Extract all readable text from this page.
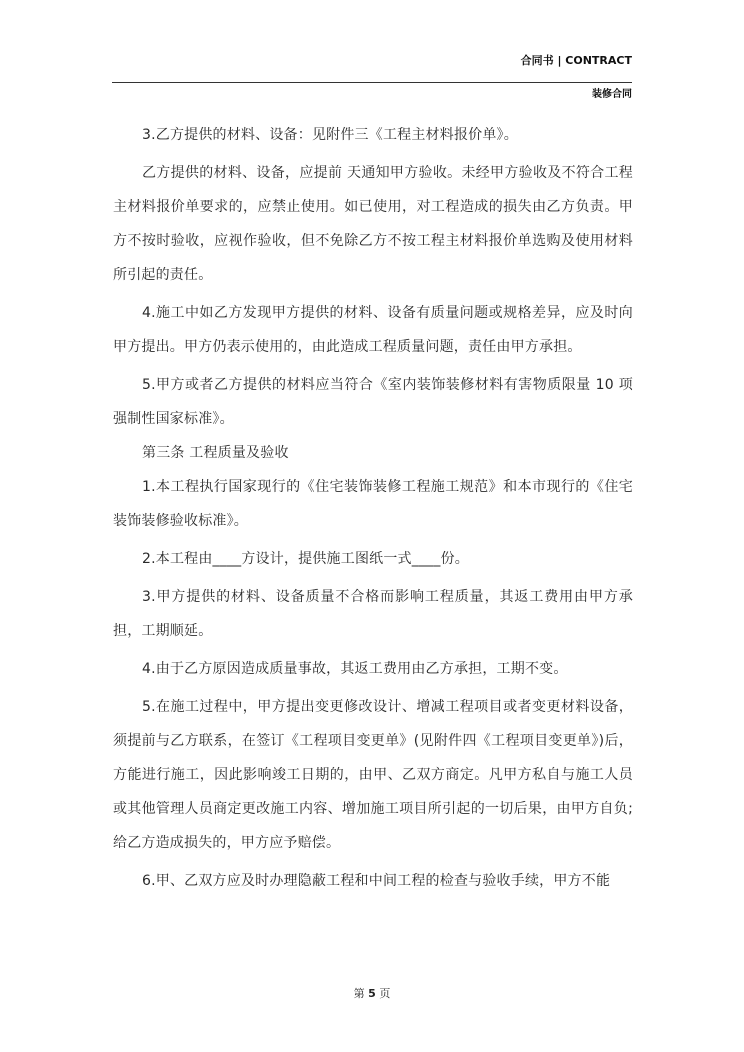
合同书 | CONTRACT
装修合同

3.乙方提供的材料、设备：见附件三《工程主材料报价单》。

乙方提供的材料、设备，应提前 天通知甲方验收。未经甲方验收及不符合工程主材料报价单要求的，应禁止使用。如已使用，对工程造成的损失由乙方负责。甲方不按时验收，应视作验收，但不免除乙方不按工程主材料报价单选购及使用材料所引起的责任。

4.施工中如乙方发现甲方提供的材料、设备有质量问题或规格差异，应及时向甲方提出。甲方仍表示使用的，由此造成工程质量问题，责任由甲方承担。

5.甲方或者乙方提供的材料应当符合《室内装饰装修材料有害物质限量 10 项强制性国家标准》。

第三条 工程质量及验收

1.本工程执行国家现行的《住宅装饰装修工程施工规范》和本市现行的《住宅装饰装修验收标准》。

2.本工程由____方设计，提供施工图纸一式____份。

3.甲方提供的材料、设备质量不合格而影响工程质量，其返工费用由甲方承担，工期顺延。

4.由于乙方原因造成质量事故，其返工费用由乙方承担，工期不变。

5.在施工过程中，甲方提出变更修改设计、增减工程项目或者变更材料设备，须提前与乙方联系，在签订《工程项目变更单》(见附件四《工程项目变更单》)后，方能进行施工，因此影响竣工日期的，由甲、乙双方商定。凡甲方私自与施工人员或其他管理人员商定更改施工内容、增加施工项目所引起的一切后果，由甲方自负;给乙方造成损失的，甲方应予赔偿。

6.甲、乙双方应及时办理隐蔽工程和中间工程的检查与验收手续，甲方不能

第 5 页
